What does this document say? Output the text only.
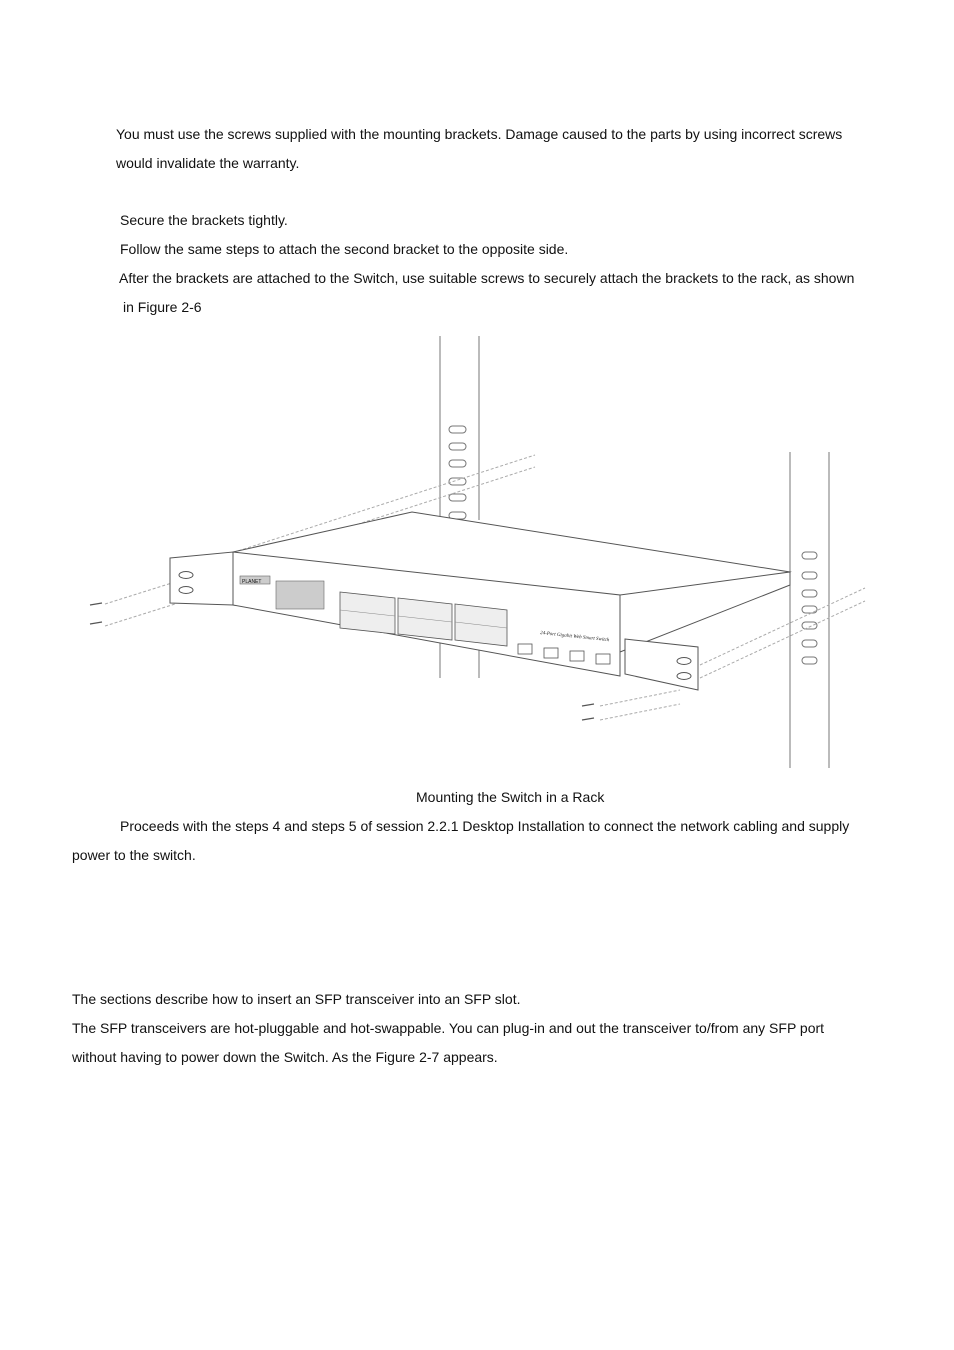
You must use the screws supplied with the mounting brackets. Damage caused to the parts by using incorrect screws

would invalidate the warranty.

Secure the brackets tightly.

Follow the same steps to attach the second bracket to the opposite side.

After the brackets are attached to the Switch, use suitable screws to securely attach the brackets to the rack, as shown

in Figure 2-6

PLANET
24-Port Gigabit Web Smart Switch

Mounting the Switch in a Rack

Proceeds with the steps 4 and steps 5 of session 2.2.1 Desktop Installation to connect the network cabling and supply

power to the switch.

The sections describe how to insert an SFP transceiver into an SFP slot.

The SFP transceivers are hot-pluggable and hot-swappable. You can plug-in and out the transceiver to/from any SFP port

without having to power down the Switch. As the Figure 2-7 appears.
